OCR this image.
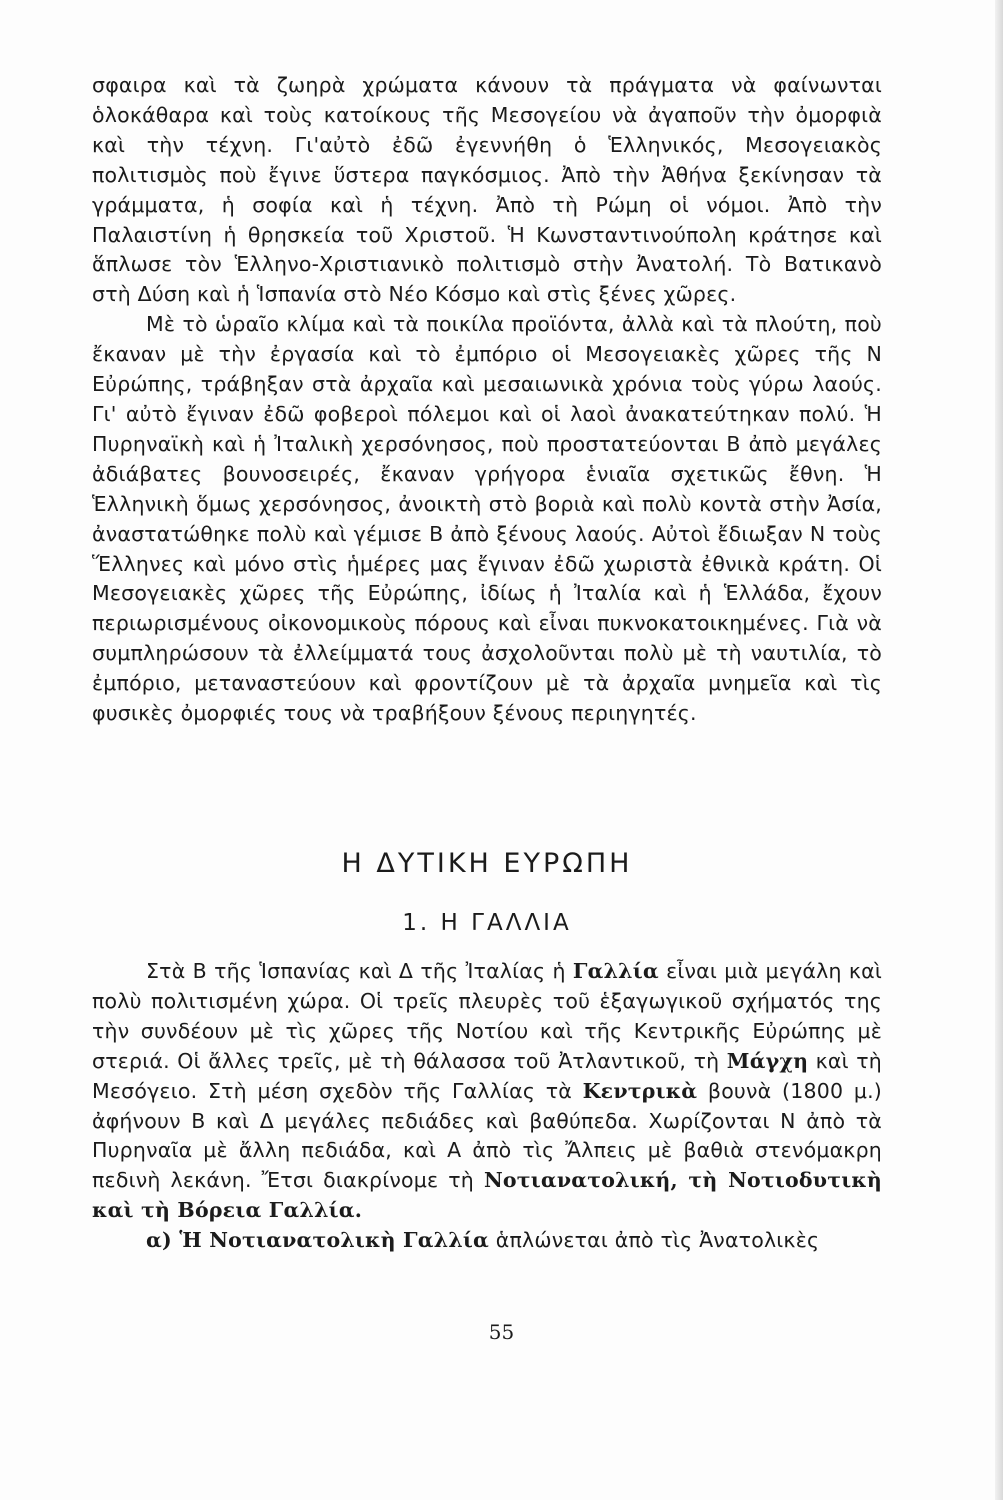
σφαιρα καὶ τὰ ζωηρὰ χρώματα κάνουν τὰ πράγματα νὰ φαίνωνται ὁλοκάθαρα καὶ τοὺς κατοίκους τῆς Μεσογείου νὰ ἀγαποῦν τὴν ὀμορφιὰ καὶ τὴν τέχνη. Γι'αὐτὸ ἐδῶ ἐγεννήθη ὁ Ἑλληνικός, Μεσογειακὸς πολιτισμὸς ποὺ ἔγινε ὕστερα παγκόσμιος. Ἀπὸ τὴν Ἀθήνα ξεκίνησαν τὰ γράμματα, ἡ σοφία καὶ ἡ τέχνη. Ἀπὸ τὴ Ρώμη οἱ νόμοι. Ἀπὸ τὴν Παλαιστίνη ἡ θρησκεία τοῦ Χριστοῦ. Ἡ Κωνσταντινούπολη κράτησε καὶ ἅπλωσε τὸν Ἑλληνο-Χριστιανικὸ πολιτισμὸ στὴν Ἀνατολή. Τὸ Βατικανὸ στὴ Δύση καὶ ἡ Ἱσπανία στὸ Νέο Κόσμο καὶ στὶς ξένες χῶρες.

Μὲ τὸ ὡραῖο κλίμα καὶ τὰ ποικίλα προϊόντα, ἀλλὰ καὶ τὰ πλούτη, ποὺ ἔκαναν μὲ τὴν ἐργασία καὶ τὸ ἐμπόριο οἱ Μεσογειακὲς χῶρες τῆς Ν Εὐρώπης, τράβηξαν στὰ ἀρχαῖα καὶ μεσαιωνικὰ χρόνια τοὺς γύρω λαούς. Γι' αὐτὸ ἔγιναν ἐδῶ φοβεροὶ πόλεμοι καὶ οἱ λαοὶ ἀνακατεύτηκαν πολύ. Ἡ Πυρηναϊκὴ καὶ ἡ Ἰταλικὴ χερσόνησος, ποὺ προστατεύονται Β ἀπὸ μεγάλες ἀδιάβατες βουνοσειρές, ἔκαναν γρήγορα ἑνιαῖα σχετικῶς ἔθνη. Ἡ Ἑλληνικὴ ὅμως χερσόνησος, ἀνοικτὴ στὸ βοριὰ καὶ πολὺ κοντὰ στὴν Ἀσία, ἀναστατώθηκε πολὺ καὶ γέμισε Β ἀπὸ ξένους λαούς. Αὐτοὶ ἔδιωξαν Ν τοὺς Ἕλληνες καὶ μόνο στὶς ἡμέρες μας ἔγιναν ἐδῶ χωριστὰ ἐθνικὰ κράτη. Οἱ Μεσογειακὲς χῶρες τῆς Εὐρώπης, ἰδίως ἡ Ἰταλία καὶ ἡ Ἑλλάδα, ἔχουν περιωρισμένους οἰκονομικοὺς πόρους καὶ εἶναι πυκνοκατοικημένες. Γιὰ νὰ συμπληρώσουν τὰ ἐλλείμματά τους ἀσχολοῦνται πολὺ μὲ τὴ ναυτιλία, τὸ ἐμπόριο, μεταναστεύουν καὶ φροντίζουν μὲ τὰ ἀρχαῖα μνημεῖα καὶ τὶς φυσικὲς ὀμορφιές τους νὰ τραβήξουν ξένους περιηγητές.

Η ΔΥΤΙΚΗ ΕΥΡΩΠΗ
1. Η ΓΑΛΛΙΑ

Στὰ Β τῆς Ἱσπανίας καὶ Δ τῆς Ἰταλίας ἡ Γαλλία εἶναι μιὰ μεγάλη καὶ πολὺ πολιτισμένη χώρα. Οἱ τρεῖς πλευρὲς τοῦ ἑξαγωγικοῦ σχήματός της τὴν συνδέουν μὲ τὶς χῶρες τῆς Νοτίου καὶ τῆς Κεντρικῆς Εὐρώπης μὲ στεριά. Οἱ ἄλλες τρεῖς, μὲ τὴ θάλασσα τοῦ Ἀτλαντικοῦ, τὴ Μάγχη καὶ τὴ Μεσόγειο. Στὴ μέση σχεδὸν τῆς Γαλλίας τὰ Κεντρικὰ βουνὰ (1800 μ.) ἀφήνουν Β καὶ Δ μεγάλες πεδιάδες καὶ βαθύπεδα. Χωρίζονται Ν ἀπὸ τὰ Πυρηναῖα μὲ ἄλλη πεδιάδα, καὶ Α ἀπὸ τὶς Ἄλπεις μὲ βαθιὰ στενόμακρη πεδινὴ λεκάνη. Ἔτσι διακρίνομε τὴ Νοτιανατολική, τὴ Νοτιοδυτικὴ καὶ τὴ Βόρεια Γαλλία.

α) Ἡ Νοτιανατολικὴ Γαλλία ἁπλώνεται ἀπὸ τὶς Ἀνατολικὲς

55
